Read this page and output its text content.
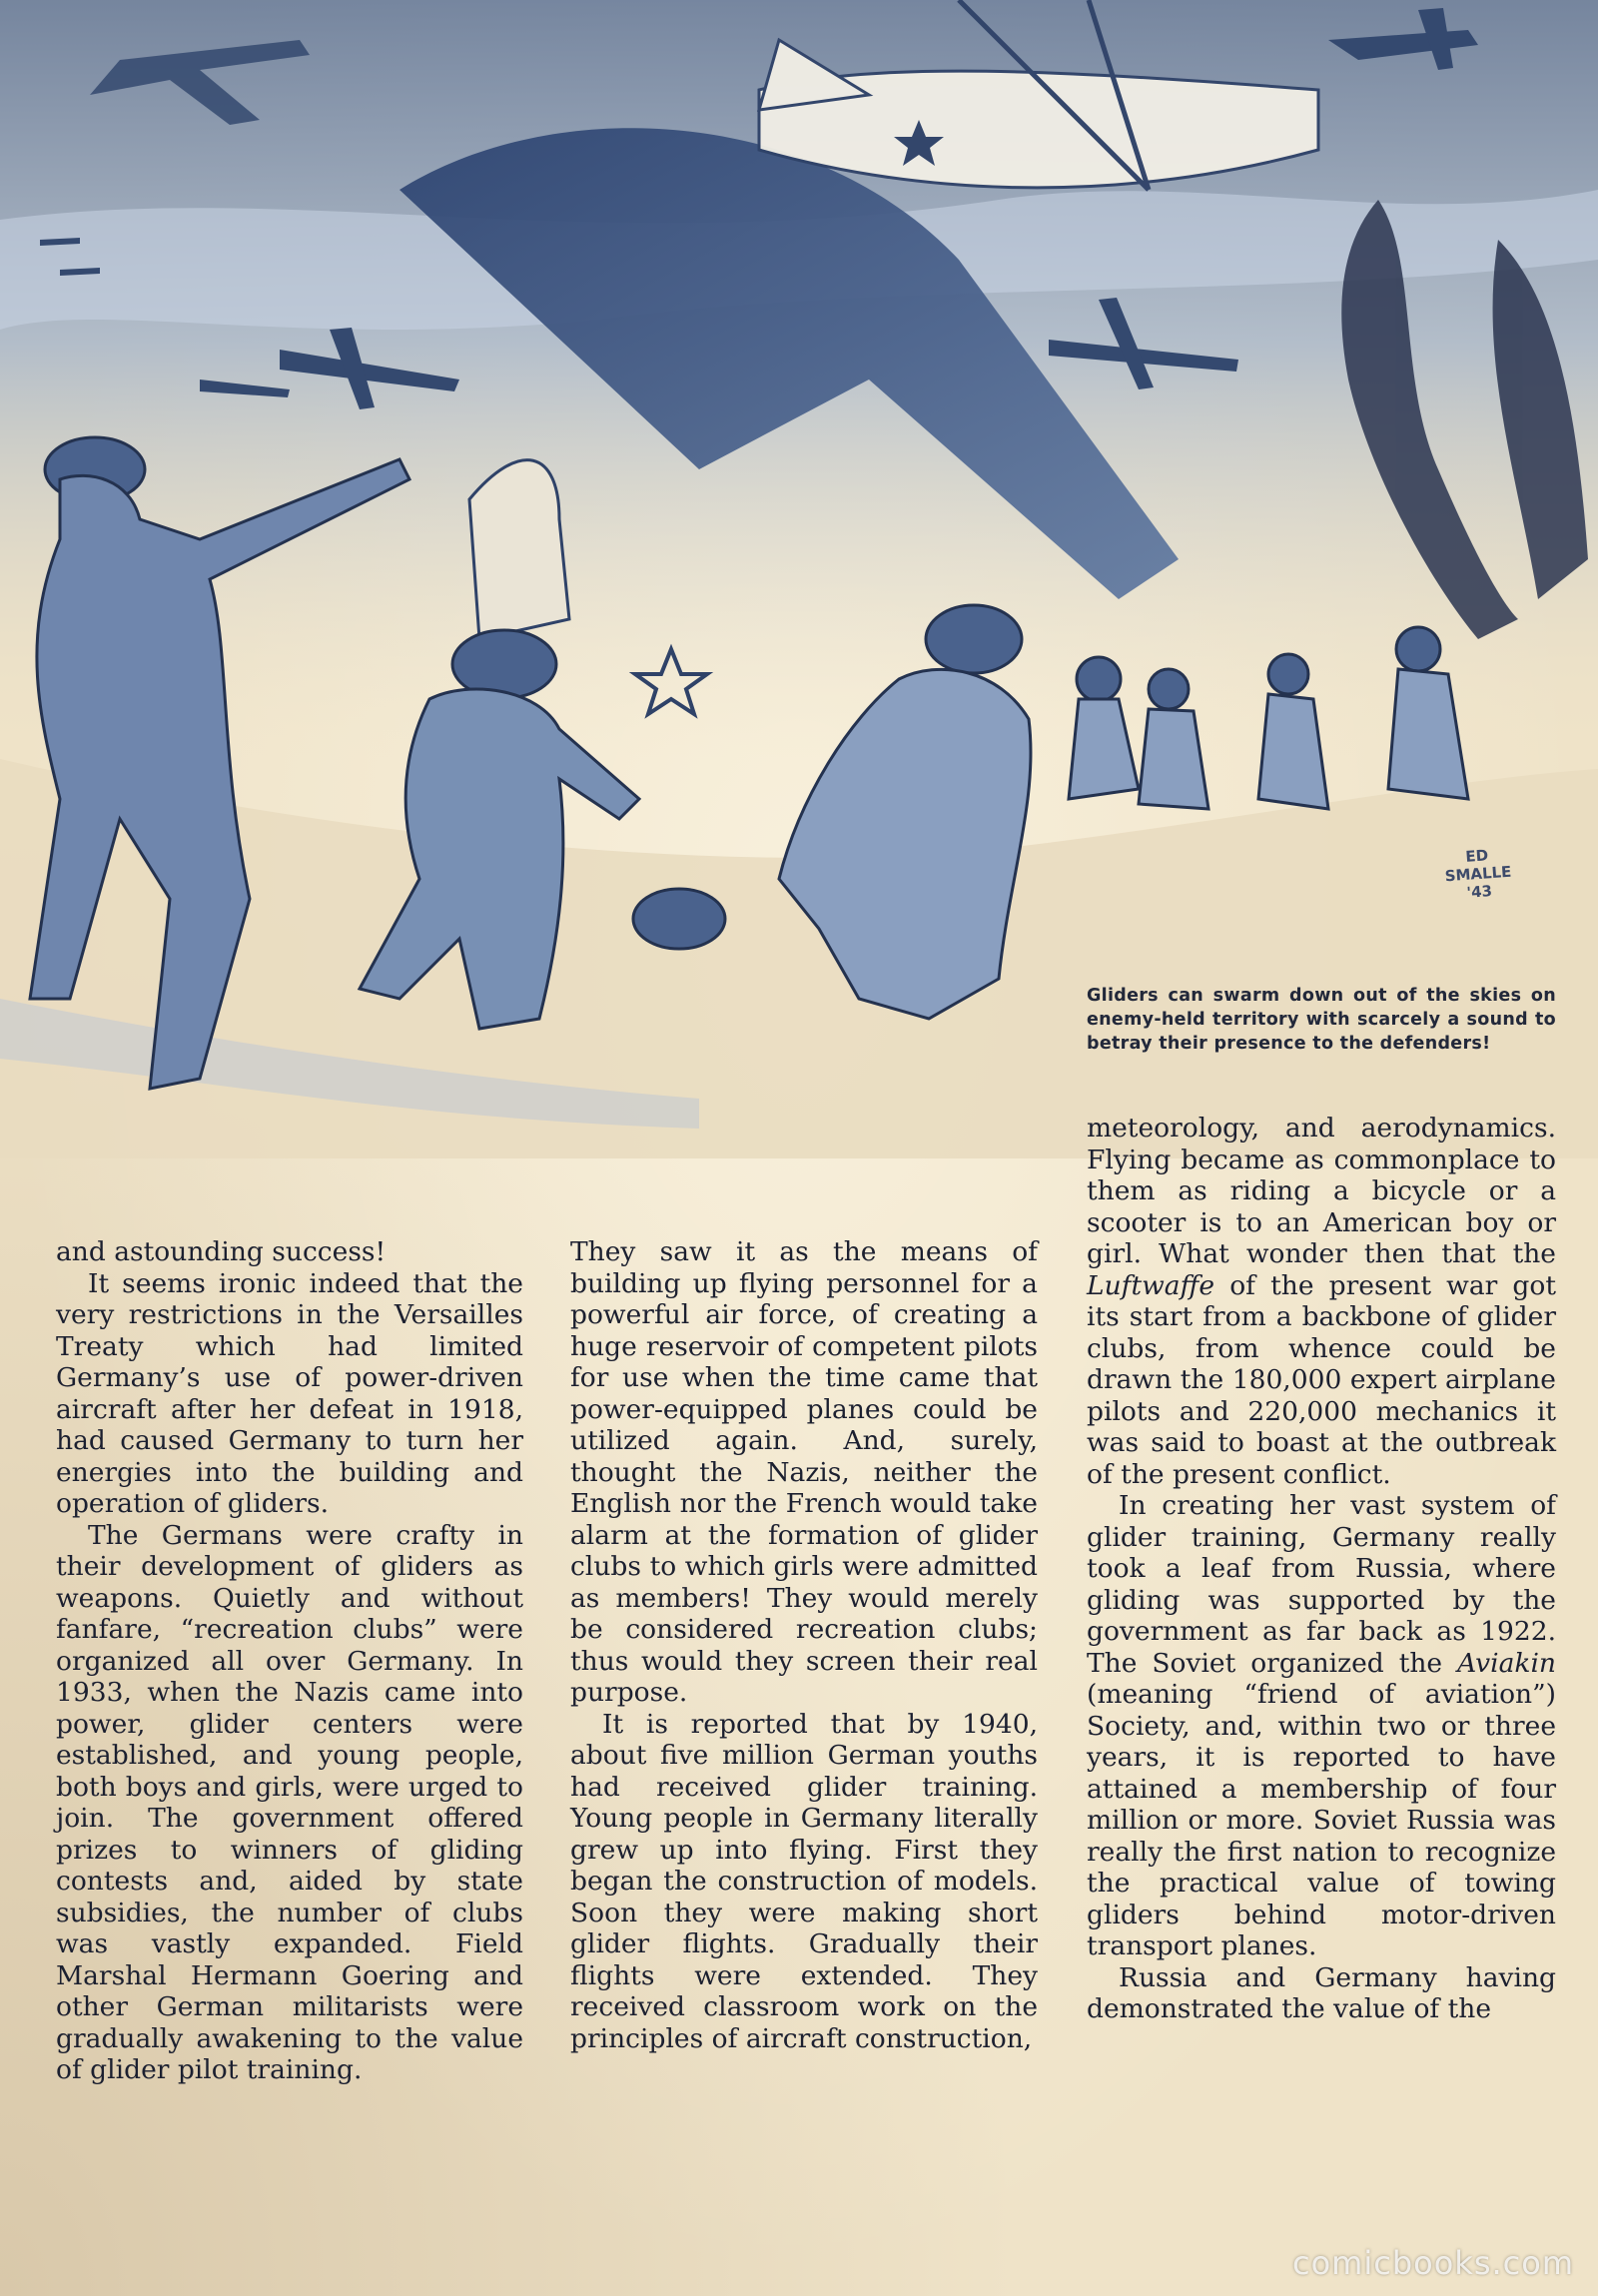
ED
SMALLE
'43
Gliders can swarm down out of the skies on enemy-held territory with scarcely a sound to betray their presence to the defenders!

and astounding success!

It seems ironic indeed that the very restrictions in the Versailles Treaty which had limited Germany’s use of power-driven aircraft after her defeat in 1918, had caused Germany to turn her energies into the building and operation of gliders.

The Germans were crafty in their development of gliders as weapons. Quietly and without fanfare, “recreation clubs” were organized all over Germany. In 1933, when the Nazis came into power, glider centers were established, and young people, both boys and girls, were urged to join. The government offered prizes to winners of gliding contests and, aided by state subsidies, the number of clubs was vastly expanded. Field Marshal Hermann Goering and other German militarists were gradually awakening to the value of glider pilot training.

They saw it as the means of building up flying personnel for a powerful air force, of creating a huge reservoir of competent pilots for use when the time came that power-equipped planes could be utilized again. And, surely, thought the Nazis, neither the English nor the French would take alarm at the formation of glider clubs to which girls were admitted as members! They would merely be considered recreation clubs; thus would they screen their real purpose.

It is reported that by 1940, about five million German youths had received glider training. Young people in Germany literally grew up into flying. First they began the construction of models. Soon they were making short glider flights. Gradually their flights were extended. They received classroom work on the principles of aircraft construction,

meteorology, and aerodynamics. Flying became as commonplace to them as riding a bicycle or a scooter is to an American boy or girl. What wonder then that the Luftwaffe of the present war got its start from a backbone of glider clubs, from whence could be drawn the 180,000 expert airplane pilots and 220,000 mechanics it was said to boast at the outbreak of the present conflict.

In creating her vast system of glider training, Germany really took a leaf from Russia, where gliding was supported by the government as far back as 1922. The Soviet organized the Aviakin (meaning “friend of aviation”) Society, and, within two or three years, it is reported to have attained a membership of four million or more. Soviet Russia was really the first nation to recognize the practical value of towing gliders behind motor-driven transport planes.

Russia and Germany having demonstrated the value of the

comicbooks.com
